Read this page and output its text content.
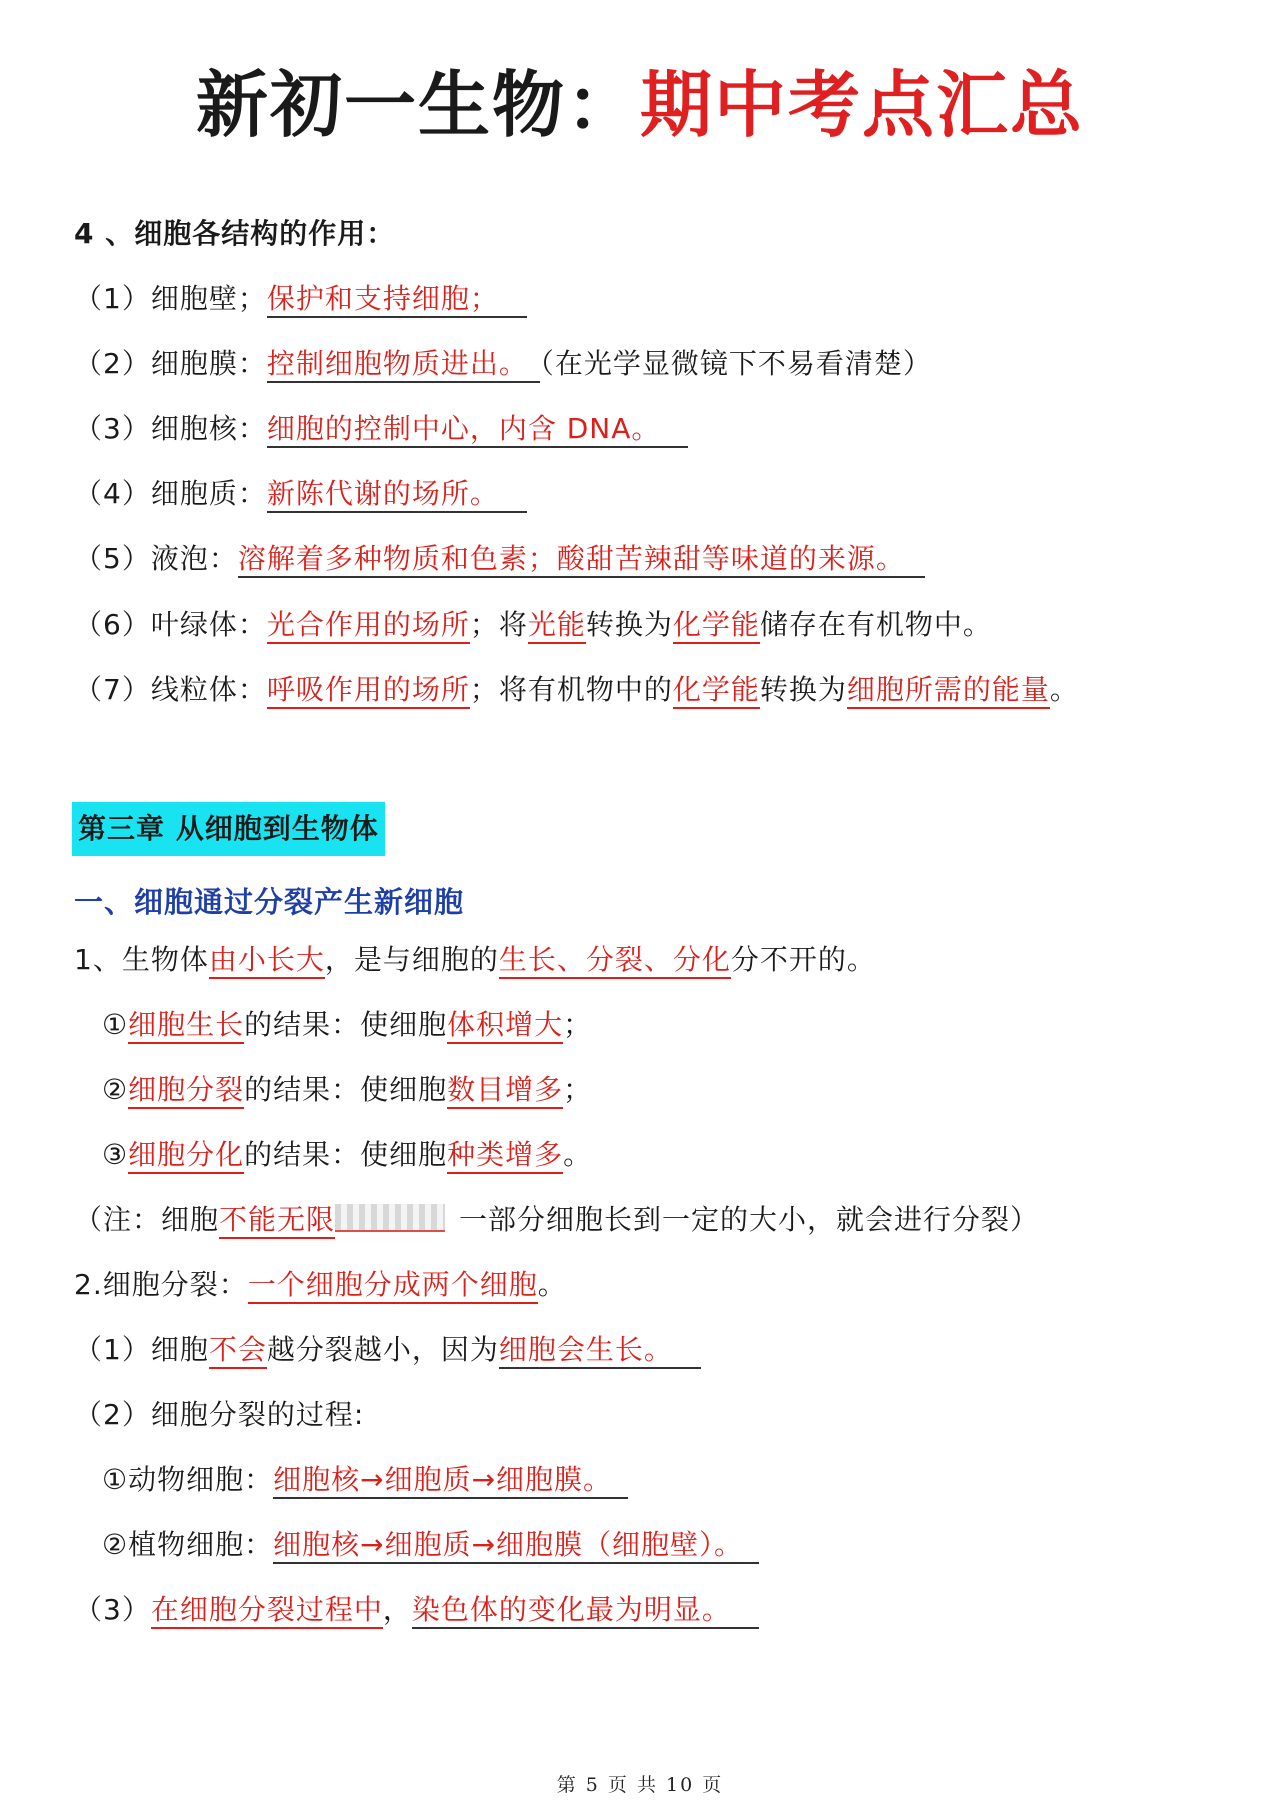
新初一生物：期中考点汇总
4 、细胞各结构的作用：
（1）细胞壁；保护和支持细胞；
（2）细胞膜：控制细胞物质进出。 （在光学显微镜下不易看清楚）
（3）细胞核：细胞的控制中心，内含 DNA。
（4）细胞质：新陈代谢的场所。
（5）液泡：溶解着多种物质和色素；酸甜苦辣甜等味道的来源。
（6）叶绿体：光合作用的场所；将光能转换为化学能储存在有机物中。
（7）线粒体：呼吸作用的场所；将有机物中的化学能转换为细胞所需的能量。
第三章 从细胞到生物体
一、细胞通过分裂产生新细胞
1、生物体由小长大，是与细胞的生长、分裂、分化分不开的。
①细胞生长的结果：使细胞体积增大；
②细胞分裂的结果：使细胞数目增多；
③细胞分化的结果：使细胞种类增多。
（注：细胞不能无限	一部分细胞长到一定的大小，就会进行分裂）
2.细胞分裂：一个细胞分成两个细胞。
（1）细胞不会越分裂越小，因为细胞会生长。
（2）细胞分裂的过程:
①动物细胞：细胞核→细胞质→细胞膜。
②植物细胞：细胞核→细胞质→细胞膜（细胞壁）。
（3）在细胞分裂过程中，染色体的变化最为明显。
第 5 页 共 10 页
